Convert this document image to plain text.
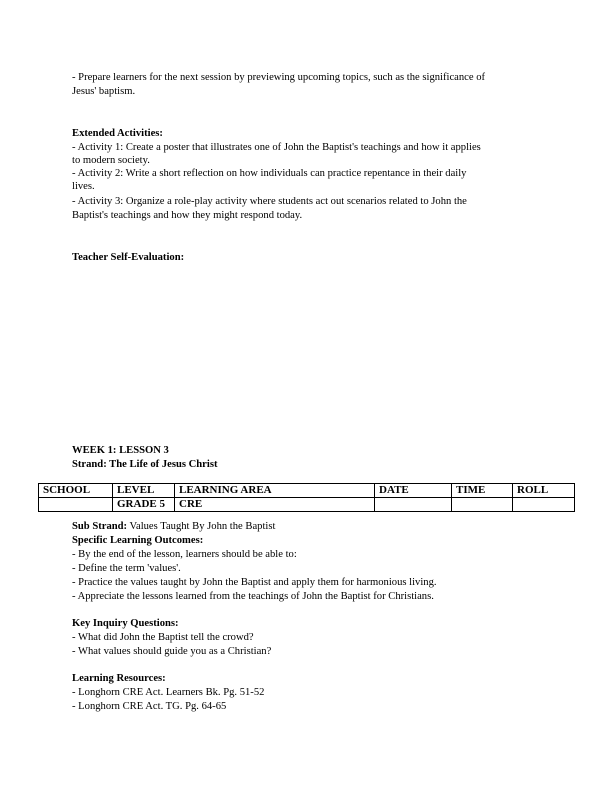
- Prepare learners for the next session by previewing upcoming topics, such as the significance of
Jesus' baptism.
Extended Activities:
- Activity 1: Create a poster that illustrates one of John the Baptist's teachings and how it applies
to modern society.
- Activity 2: Write a short reflection on how individuals can practice repentance in their daily
lives.
- Activity 3: Organize a role-play activity where students act out scenarios related to John the
Baptist's teachings and how they might respond today.
Teacher Self-Evaluation:
WEEK 1: LESSON 3
Strand: The Life of Jesus Christ
SCHOOL	LEVEL	LEARNING AREA	DATE	TIME	ROLL
	GRADE 5	CRE			
Sub Strand: Values Taught By John the Baptist
Specific Learning Outcomes:
- By the end of the lesson, learners should be able to:
- Define the term 'values'.
- Practice the values taught by John the Baptist and apply them for harmonious living.
- Appreciate the lessons learned from the teachings of John the Baptist for Christians.
Key Inquiry Questions:
- What did John the Baptist tell the crowd?
- What values should guide you as a Christian?
Learning Resources:
- Longhorn CRE Act. Learners Bk. Pg. 51-52
- Longhorn CRE Act. TG. Pg. 64-65
